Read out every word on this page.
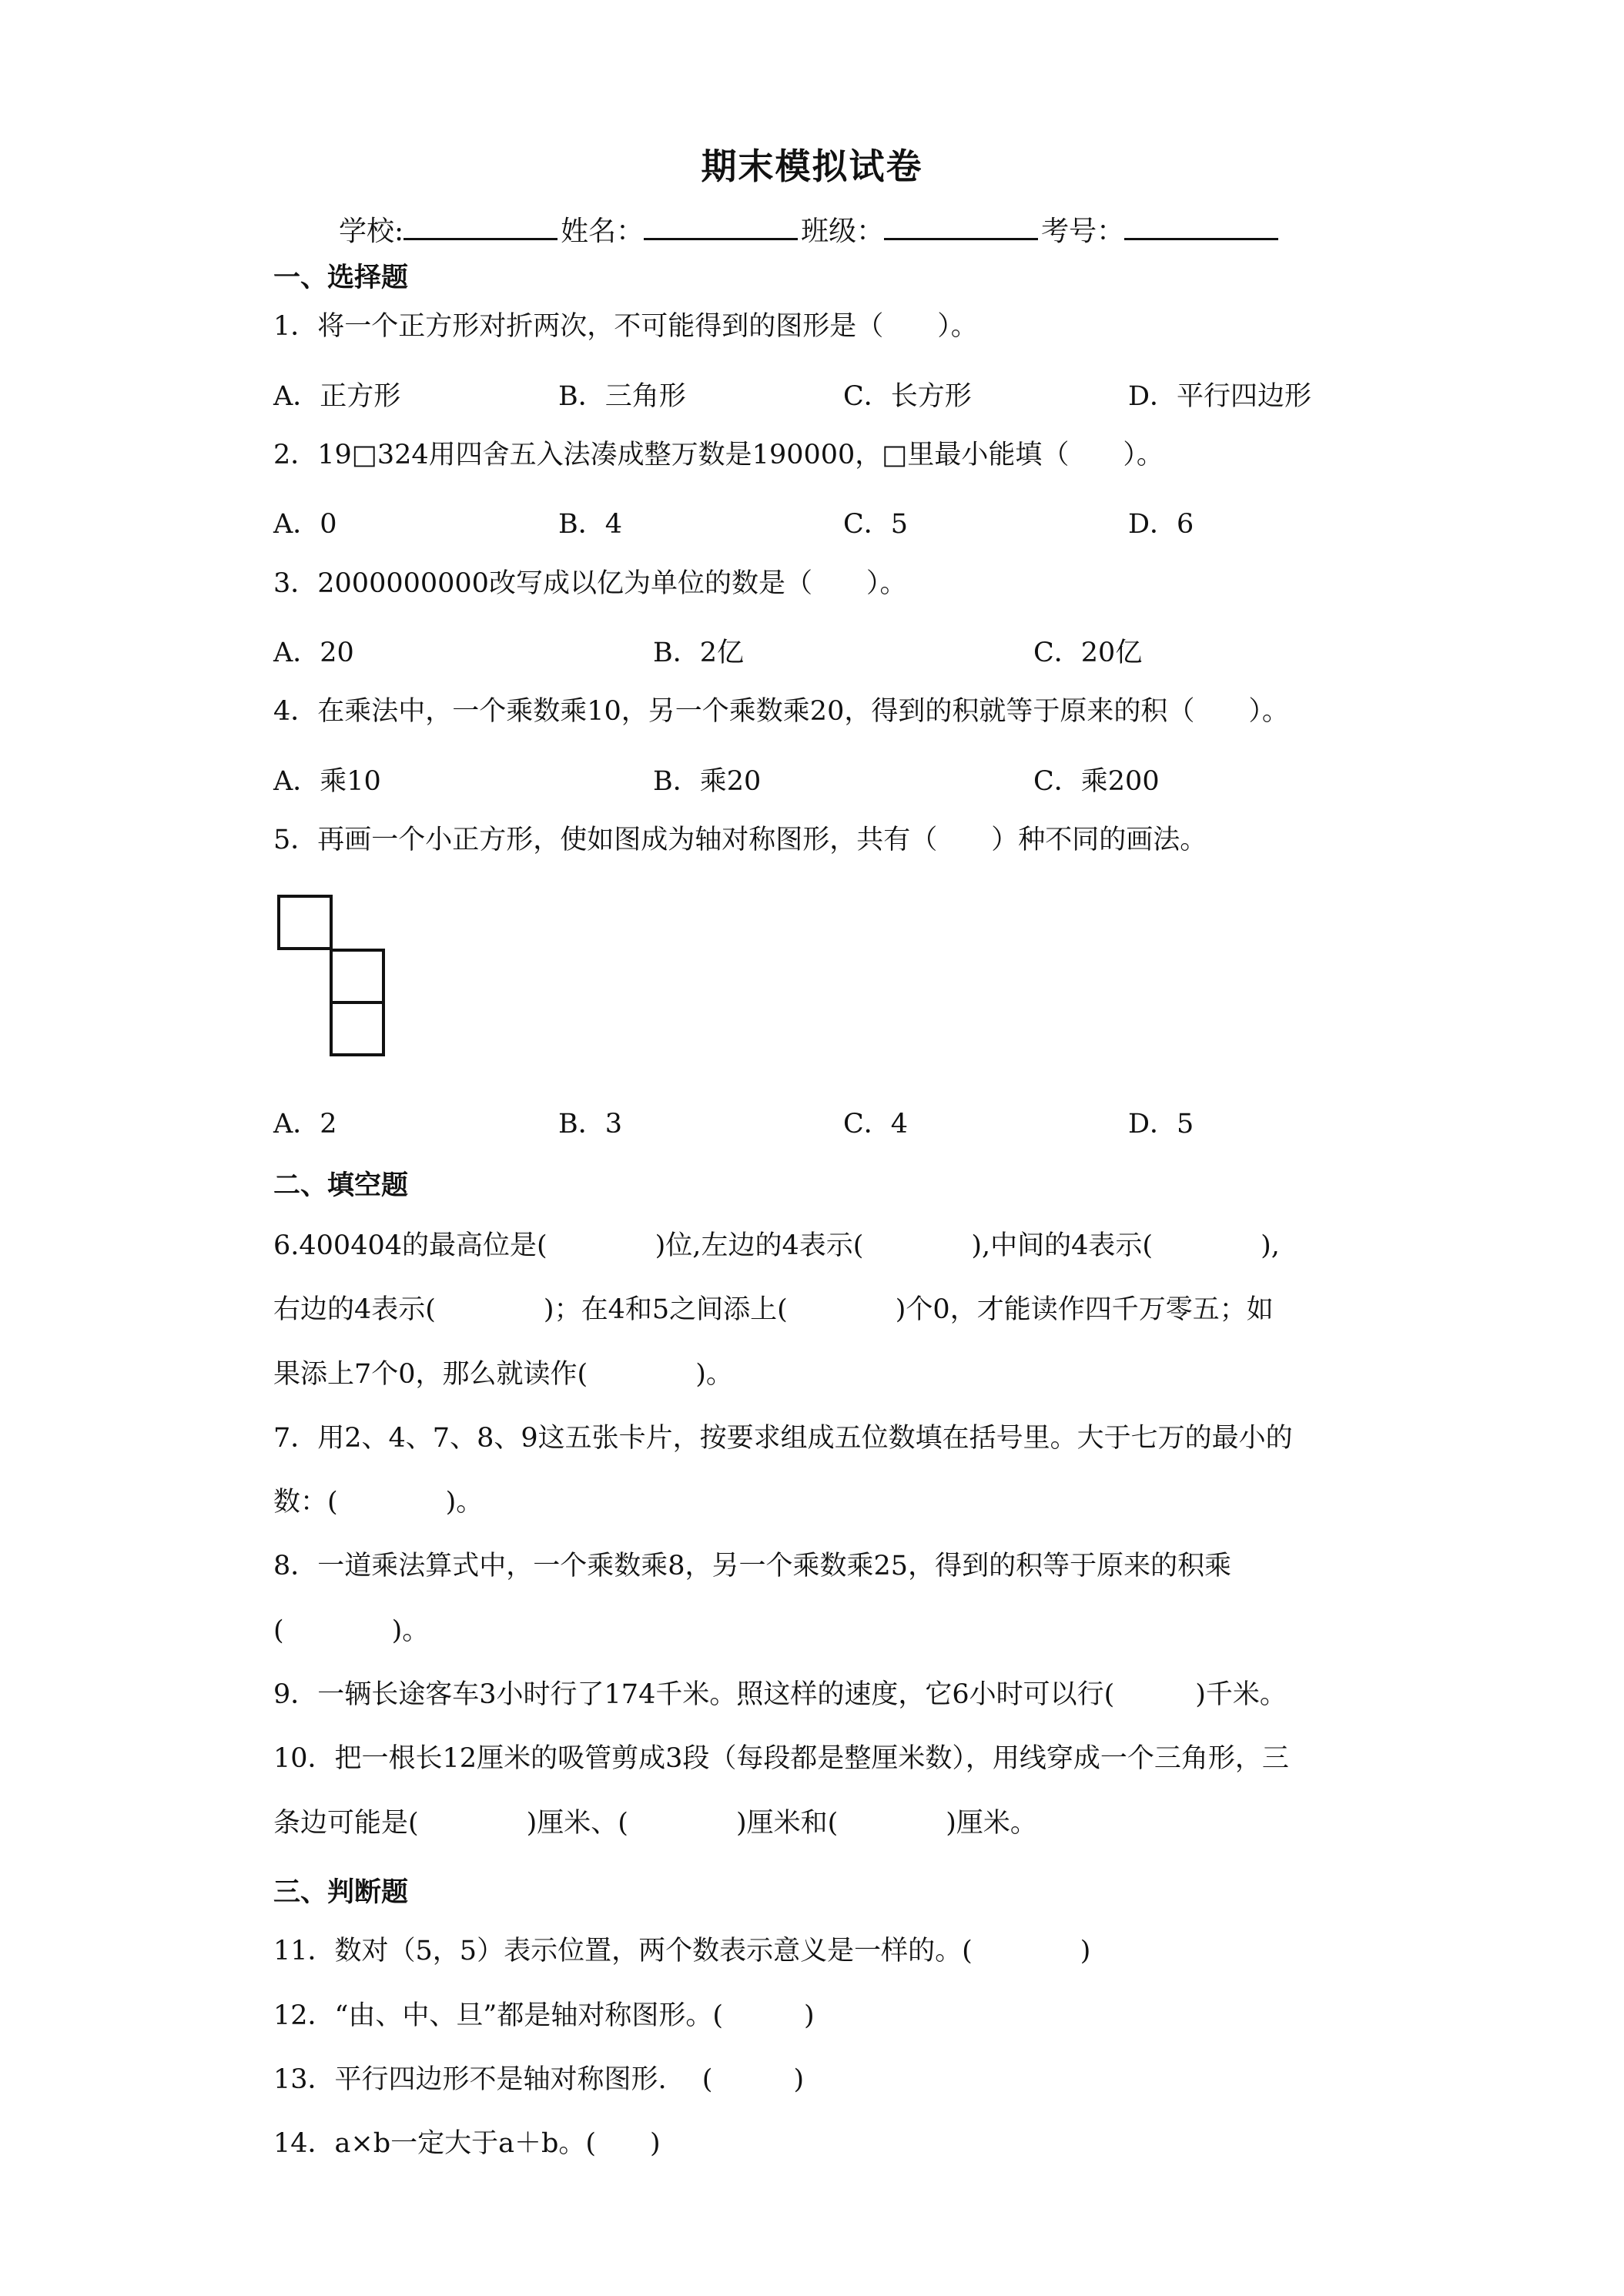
期末模拟试卷
学校:	姓名：	班级：	考号：
一、选择题
1．将一个正方形对折两次，不可能得到的图形是（　　）。
A．正方形	B．三角形	C．长方形	D．平行四边形
2．19□324用四舍五入法凑成整万数是190000，□里最小能填（　　）。
A．0	B．4	C．5	D．6
3．2000000000改写成以亿为单位的数是（　　）。
A．20	B．2亿	C．20亿
4．在乘法中，一个乘数乘10，另一个乘数乘20，得到的积就等于原来的积（　　）。
A．乘10	B．乘20	C．乘200
5．再画一个小正方形，使如图成为轴对称图形，共有（　　）种不同的画法。
A．2	B．3	C．4	D．5
二、填空题
6.400404的最高位是(　　　　)位,左边的4表示(　　　　),中间的4表示(　　　　),
右边的4表示(　　　　)；在4和5之间添上(　　　　)个0，才能读作四千万零五；如
果添上7个0，那么就读作(　　　　)。
7．用2、4、7、8、9这五张卡片，按要求组成五位数填在括号里。大于七万的最小的
数：(　　　　)。
8．一道乘法算式中，一个乘数乘8，另一个乘数乘25，得到的积等于原来的积乘
(　　　　)。
9．一辆长途客车3小时行了174千米。照这样的速度，它6小时可以行(　　　)千米。
10．把一根长12厘米的吸管剪成3段（每段都是整厘米数），用线穿成一个三角形，三
条边可能是(　　　　)厘米、(　　　　)厘米和(　　　　)厘米。
三、判断题
11．数对（5，5）表示位置，两个数表示意义是一样的。(　　　　)
12．“由、中、旦”都是轴对称图形。(　　　)
13．平行四边形不是轴对称图形.　 (　　　)
14．a×b一定大于a＋b。(　　)
